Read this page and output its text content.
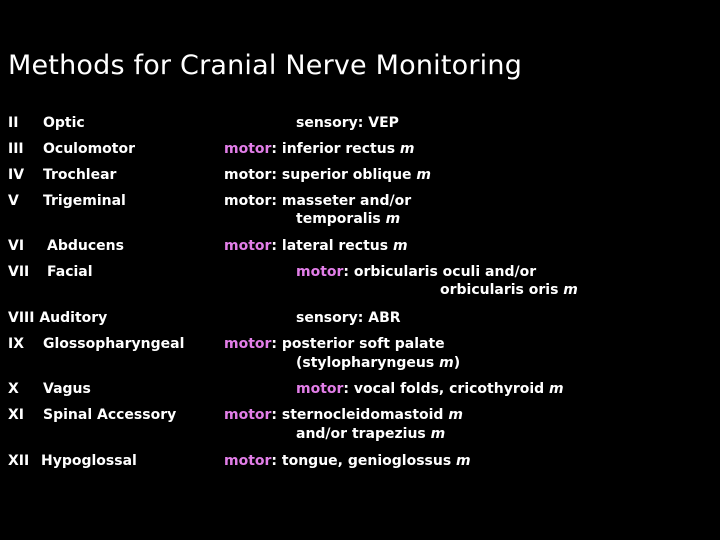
Methods for Cranial Nerve Monitoring
II Optic	sensory: VEP
III Oculomotor	motor: inferior rectus m
IV Trochlear	motor: superior oblique m
V Trigeminal	motor: masseter and/or
temporalis m
VI Abducens	motor: lateral rectus m
VII Facial	motor: orbicularis oculi and/or
orbicularis oris m
VIII Auditory	sensory: ABR
IX Glossopharyngeal	motor: posterior soft palate
(stylopharyngeus m)
X Vagus	motor: vocal folds, cricothyroid m
XI Spinal Accessory	motor: sternocleidomastoid m
and/or trapezius m
XII Hypoglossal	motor: tongue, genioglossus m
